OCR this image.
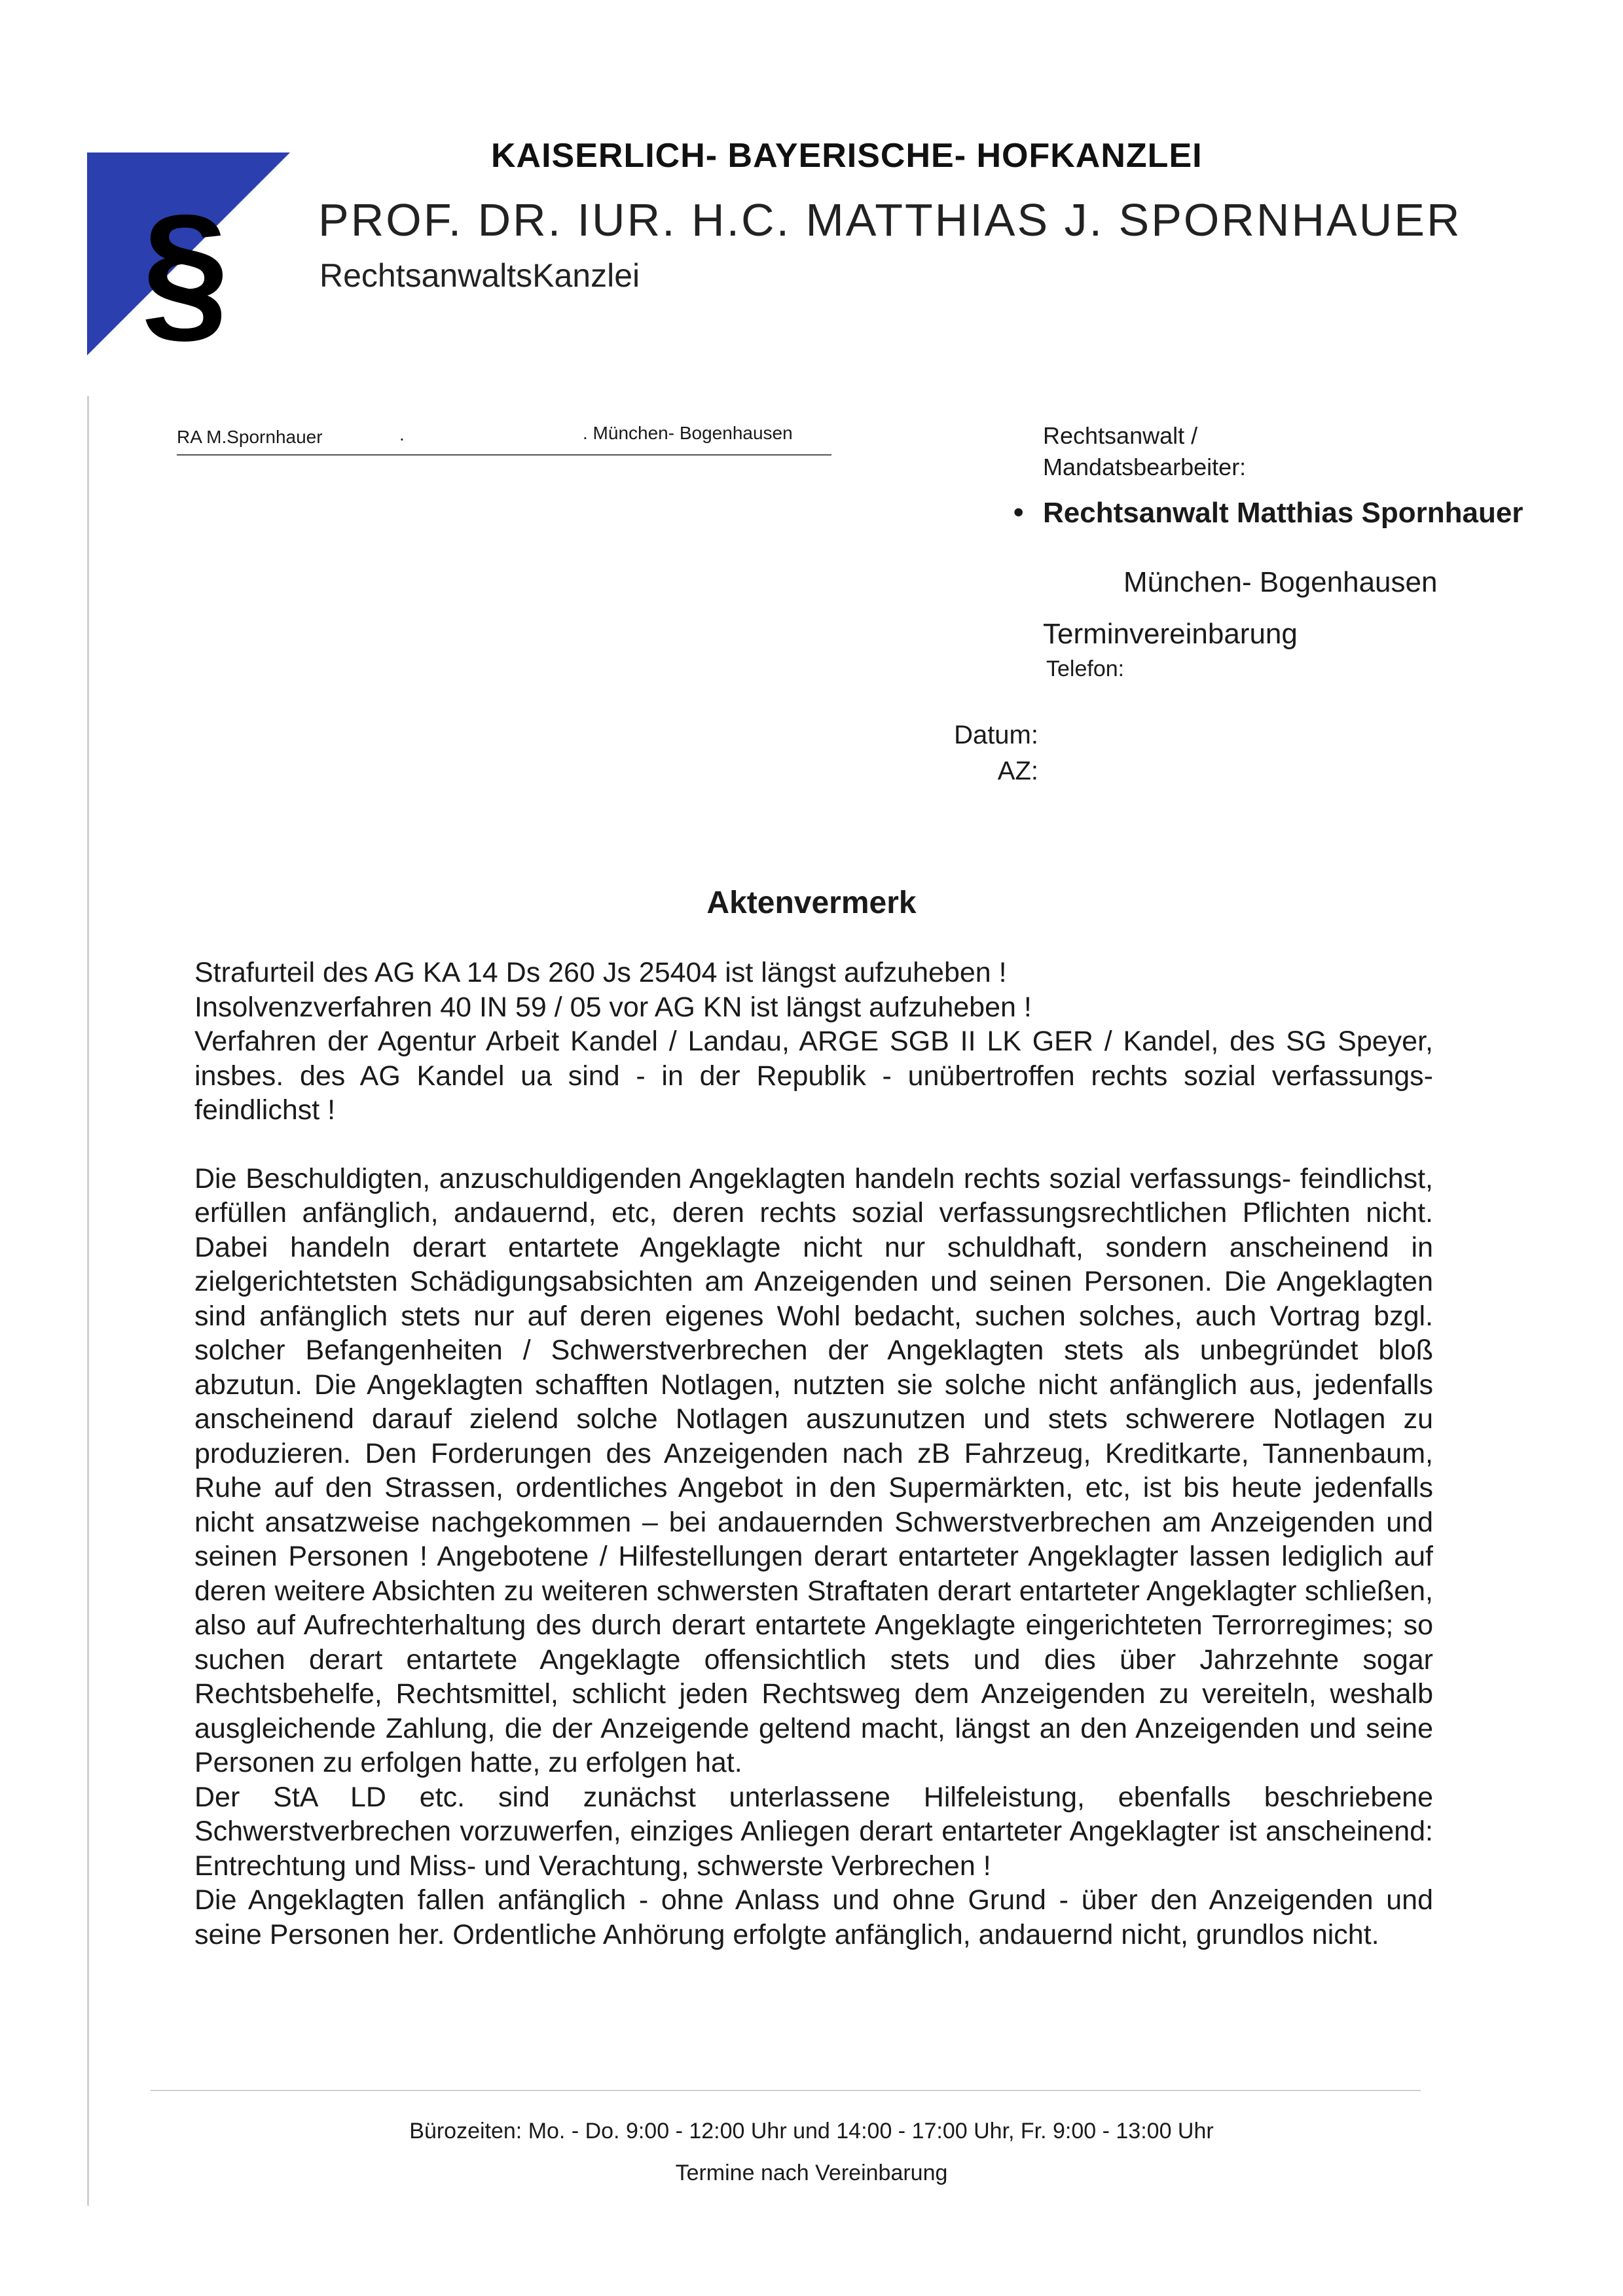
§
KAISERLICH- BAYERISCHE- HOFKANZLEI
PROF. DR. IUR. H.C. MATTHIAS J. SPORNHAUER
RechtsanwaltsKanzlei
RA M.Spornhauer	.	. München- Bogenhausen	Rechtsanwalt /
Mandatsbearbeiter:
• Rechtsanwalt Matthias Spornhauer
München- Bogenhausen
Terminvereinbarung
Telefon:
Datum:
AZ:
Aktenvermerk

Strafurteil des AG KA 14 Ds 260 Js 25404 ist längst aufzuheben !

Insolvenzverfahren 40 IN 59 / 05 vor AG KN ist längst aufzuheben !

Verfahren der Agentur Arbeit Kandel / Landau, ARGE SGB II LK GER / Kandel, des SG Speyer, insbes. des AG Kandel ua sind - in der Republik - unübertroffen rechts sozial verfassungs- feindlichst !

Die Beschuldigten, anzuschuldigenden Angeklagten handeln rechts sozial verfassungs- feindlichst, erfüllen anfänglich, andauernd, etc, deren rechts sozial verfassungsrechtlichen Pflichten nicht. Dabei handeln derart entartete Angeklagte nicht nur schuldhaft, sondern anscheinend in zielgerichtetsten Schädigungsabsichten am Anzeigenden und seinen Personen. Die Angeklagten sind anfänglich stets nur auf deren eigenes Wohl bedacht, suchen solches, auch Vortrag bzgl. solcher Befangenheiten / Schwerstverbrechen der Angeklagten stets als unbegründet bloß abzutun. Die Angeklagten schafften Notlagen, nutzten sie solche nicht anfänglich aus, jedenfalls anscheinend darauf zielend solche Notlagen auszunutzen und stets schwerere Notlagen zu produzieren. Den Forderungen des Anzeigenden nach zB Fahrzeug, Kreditkarte, Tannenbaum, Ruhe auf den Strassen, ordentliches Angebot in den Supermärkten, etc, ist bis heute jedenfalls nicht ansatzweise nachgekommen – bei andauernden Schwerstverbrechen am Anzeigenden und seinen Personen ! Angebotene / Hilfestellungen derart entarteter Angeklagter lassen lediglich auf deren weitere Absichten zu weiteren schwersten Straftaten derart entarteter Angeklagter schließen, also auf Aufrechterhaltung des durch derart entartete Angeklagte eingerichteten Terrorregimes; so suchen derart entartete Angeklagte offensichtlich stets und dies über Jahrzehnte sogar Rechtsbehelfe, Rechtsmittel, schlicht jeden Rechtsweg dem Anzeigenden zu vereiteln, weshalb ausgleichende Zahlung, die der Anzeigende geltend macht, längst an den Anzeigenden und seine Personen zu erfolgen hatte, zu erfolgen hat.

Der StA LD etc. sind zunächst unterlassene Hilfeleistung, ebenfalls beschriebene Schwerstverbrechen vorzuwerfen, einziges Anliegen derart entarteter Angeklagter ist anscheinend: Entrechtung und Miss- und Verachtung, schwerste Verbrechen !

Die Angeklagten fallen anfänglich - ohne Anlass und ohne Grund - über den Anzeigenden und seine Personen her. Ordentliche Anhörung erfolgte anfänglich, andauernd nicht, grundlos nicht.

Bürozeiten: Mo. - Do. 9:00 - 12:00 Uhr und 14:00 - 17:00 Uhr, Fr. 9:00 - 13:00 Uhr
Termine nach Vereinbarung
